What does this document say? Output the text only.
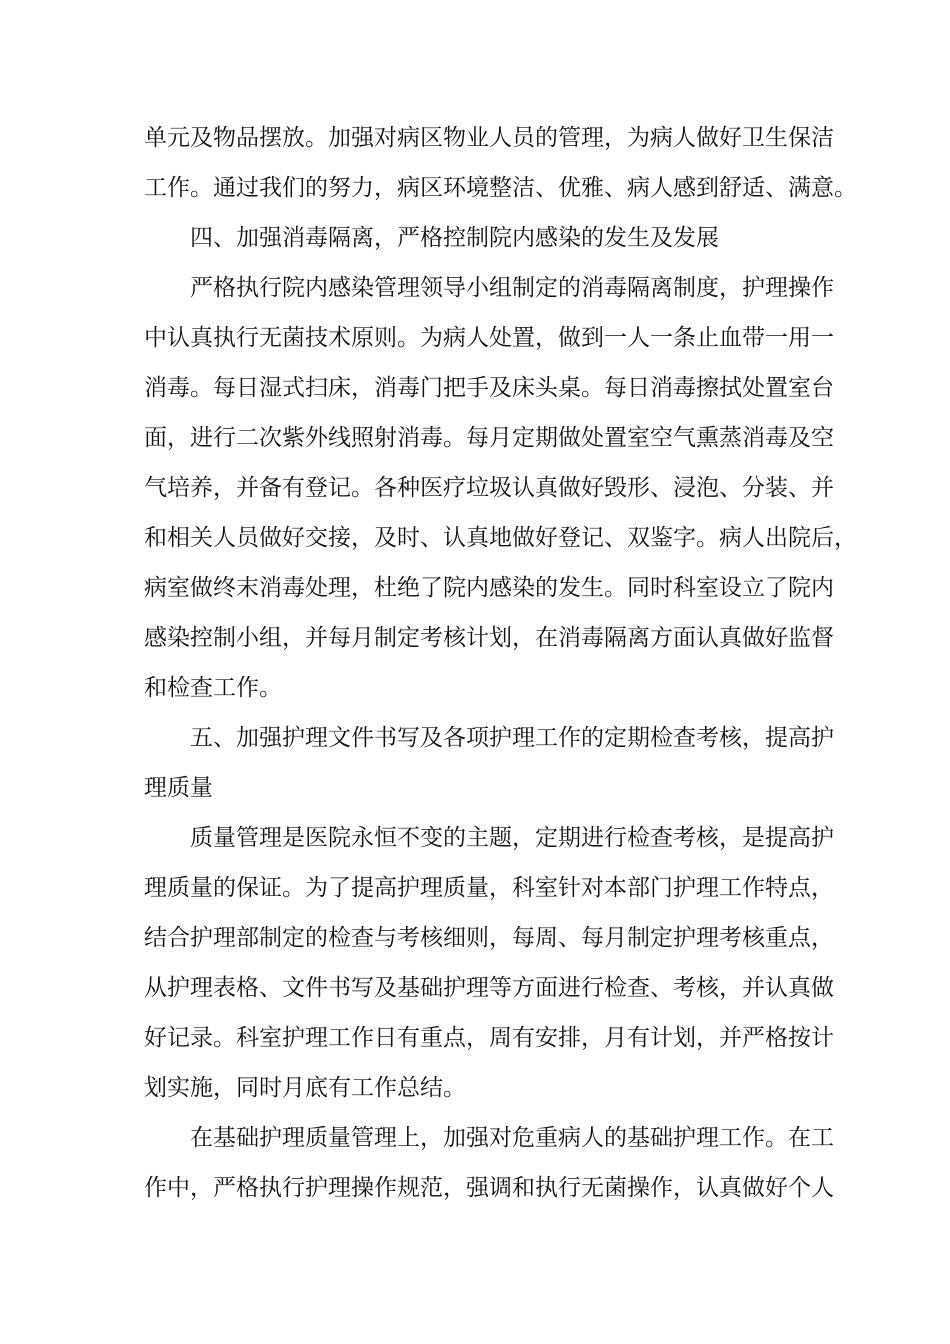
单元及物品摆放。加强对病区物业人员的管理，为病人做好卫生保洁
工作。通过我们的努力，病区环境整洁、优雅、病人感到舒适、满意。
四、加强消毒隔离，严格控制院内感染的发生及发展
严格执行院内感染管理领导小组制定的消毒隔离制度，护理操作
中认真执行无菌技术原则。为病人处置，做到一人一条止血带一用一
消毒。每日湿式扫床，消毒门把手及床头桌。每日消毒擦拭处置室台
面，进行二次紫外线照射消毒。每月定期做处置室空气熏蒸消毒及空
气培养，并备有登记。各种医疗垃圾认真做好毁形、浸泡、分装、并
和相关人员做好交接，及时、认真地做好登记、双鉴字。病人出院后，
病室做终末消毒处理，杜绝了院内感染的发生。同时科室设立了院内
感染控制小组，并每月制定考核计划，在消毒隔离方面认真做好监督
和检查工作。
五、加强护理文件书写及各项护理工作的定期检查考核，提高护
理质量
质量管理是医院永恒不变的主题，定期进行检查考核，是提高护
理质量的保证。为了提高护理质量，科室针对本部门护理工作特点，
结合护理部制定的检查与考核细则，每周、每月制定护理考核重点，
从护理表格、文件书写及基础护理等方面进行检查、考核，并认真做
好记录。科室护理工作日有重点，周有安排，月有计划，并严格按计
划实施，同时月底有工作总结。
在基础护理质量管理上，加强对危重病人的基础护理工作。在工
作中，严格执行护理操作规范，强调和执行无菌操作，认真做好个人
